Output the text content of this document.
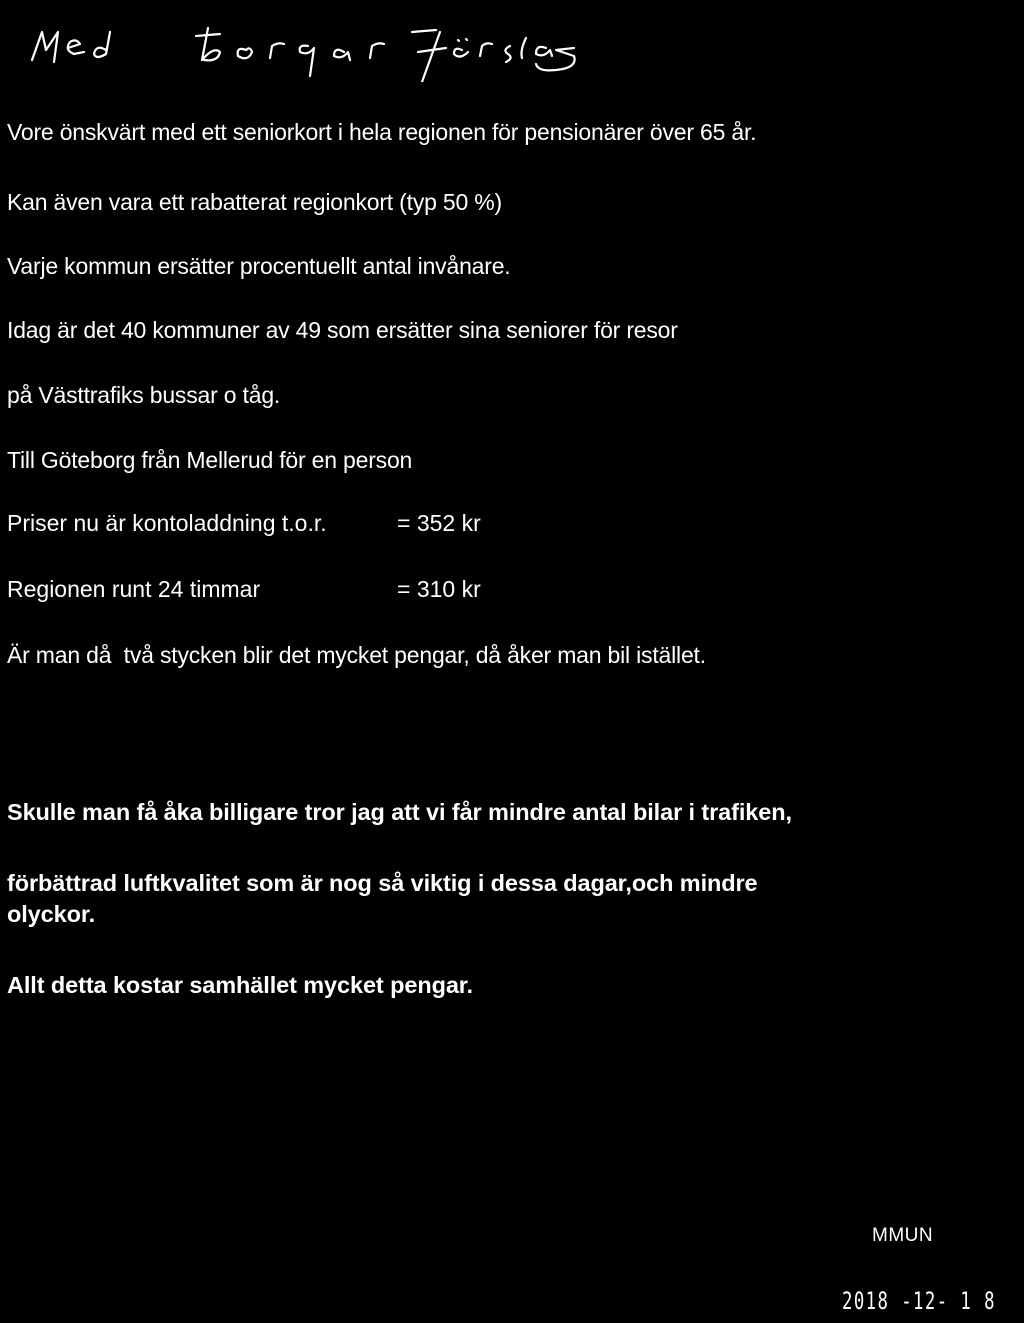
Vore önskvärt med ett seniorkort i hela regionen för pensionärer över 65 år.
Kan även vara ett rabatterat regionkort (typ 50 %)
Varje kommun ersätter procentuellt antal invånare.
Idag är det 40 kommuner av 49 som ersätter sina seniorer för resor
på Västtrafiks bussar o tåg.
Till Göteborg från Mellerud för en person
Priser nu är kontoladdning t.o.r.	= 352 kr
Regionen runt 24 timmar	= 310 kr
Är man då  två stycken blir det mycket pengar, då åker man bil istället.
Skulle man få åka billigare tror jag att vi får mindre antal bilar i trafiken,
förbättrad luftkvalitet som är nog så viktig i dessa dagar,och mindre
olyckor.
Allt detta kostar samhället mycket pengar.
MMUN
2018 -12- 1 8
